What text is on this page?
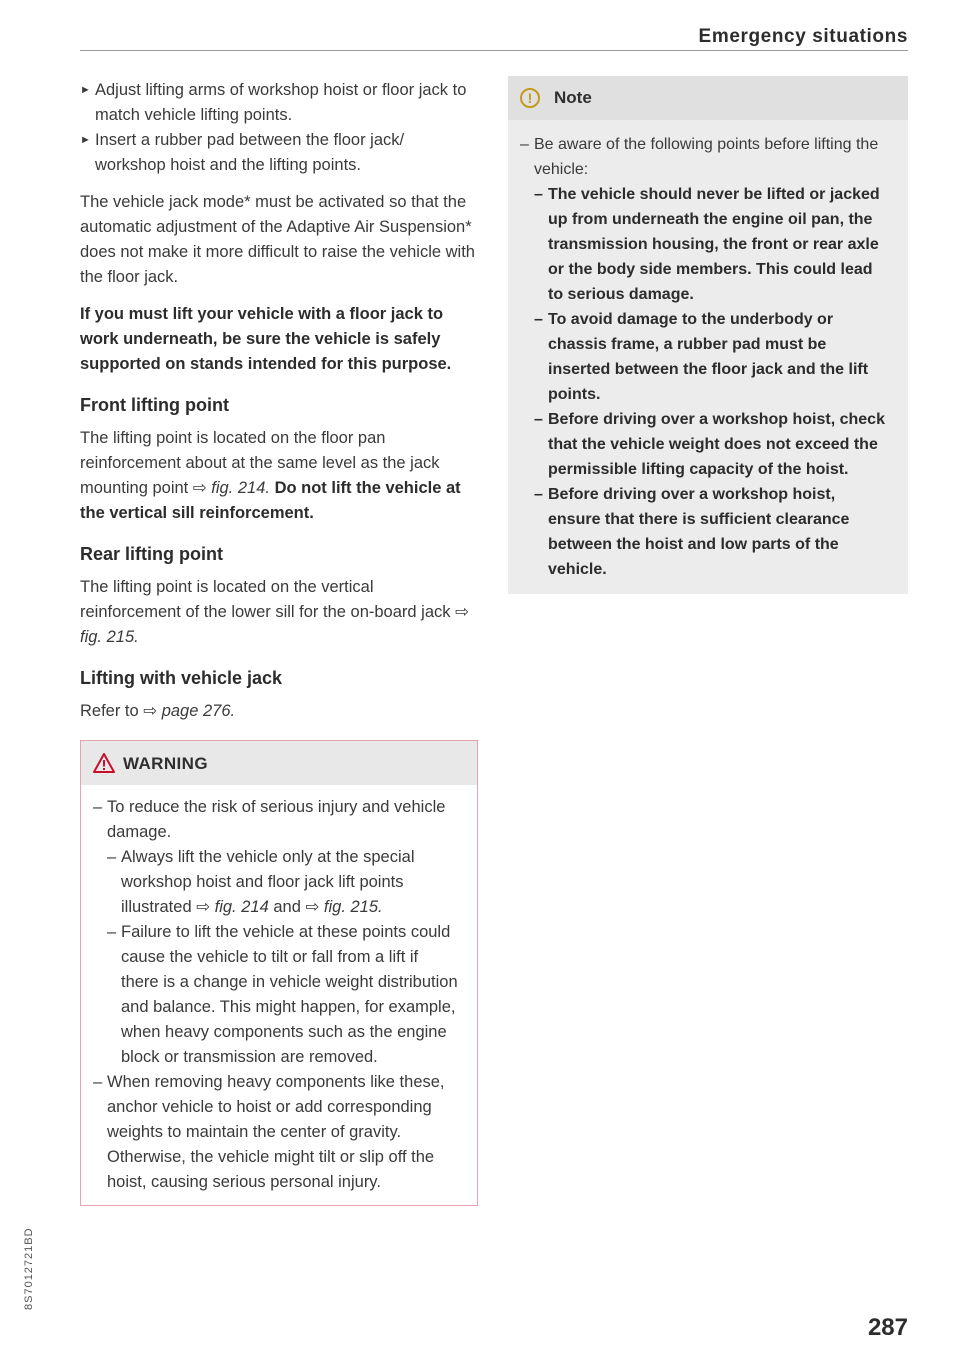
Emergency situations
► Adjust lifting arms of workshop hoist or floor jack to match vehicle lifting points.
► Insert a rubber pad between the floor jack/ workshop hoist and the lifting points.

The vehicle jack mode* must be activated so that the automatic adjustment of the Adaptive Air Suspension* does not make it more difficult to raise the vehicle with the floor jack.

If you must lift your vehicle with a floor jack to work underneath, be sure the vehicle is safely supported on stands intended for this purpose.

Front lifting point

The lifting point is located on the floor pan reinforcement about at the same level as the jack mounting point ⇨ fig. 214. Do not lift the vehicle at the vertical sill reinforcement.

Rear lifting point

The lifting point is located on the vertical reinforcement of the lower sill for the on-board jack ⇨ fig. 215.

Lifting with vehicle jack

Refer to ⇨ page 276.

WARNING
– To reduce the risk of serious injury and vehicle damage.
– Always lift the vehicle only at the special workshop hoist and floor jack lift points illustrated ⇨ fig. 214 and ⇨ fig. 215.
– Failure to lift the vehicle at these points could cause the vehicle to tilt or fall from a lift if there is a change in vehicle weight distribution and balance. This might happen, for example, when heavy components such as the engine block or transmission are removed.
– When removing heavy components like these, anchor vehicle to hoist or add corresponding weights to maintain the center of gravity. Otherwise, the vehicle might tilt or slip off the hoist, causing serious personal injury.
!	Note
– Be aware of the following points before lifting the vehicle:
– The vehicle should never be lifted or jacked up from underneath the engine oil pan, the transmission housing, the front or rear axle or the body side members. This could lead to serious damage.
– To avoid damage to the underbody or chassis frame, a rubber pad must be inserted between the floor jack and the lift points.
– Before driving over a workshop hoist, check that the vehicle weight does not exceed the permissible lifting capacity of the hoist.
– Before driving over a workshop hoist, ensure that there is sufficient clearance between the hoist and low parts of the vehicle.
287
8S7012721BD
